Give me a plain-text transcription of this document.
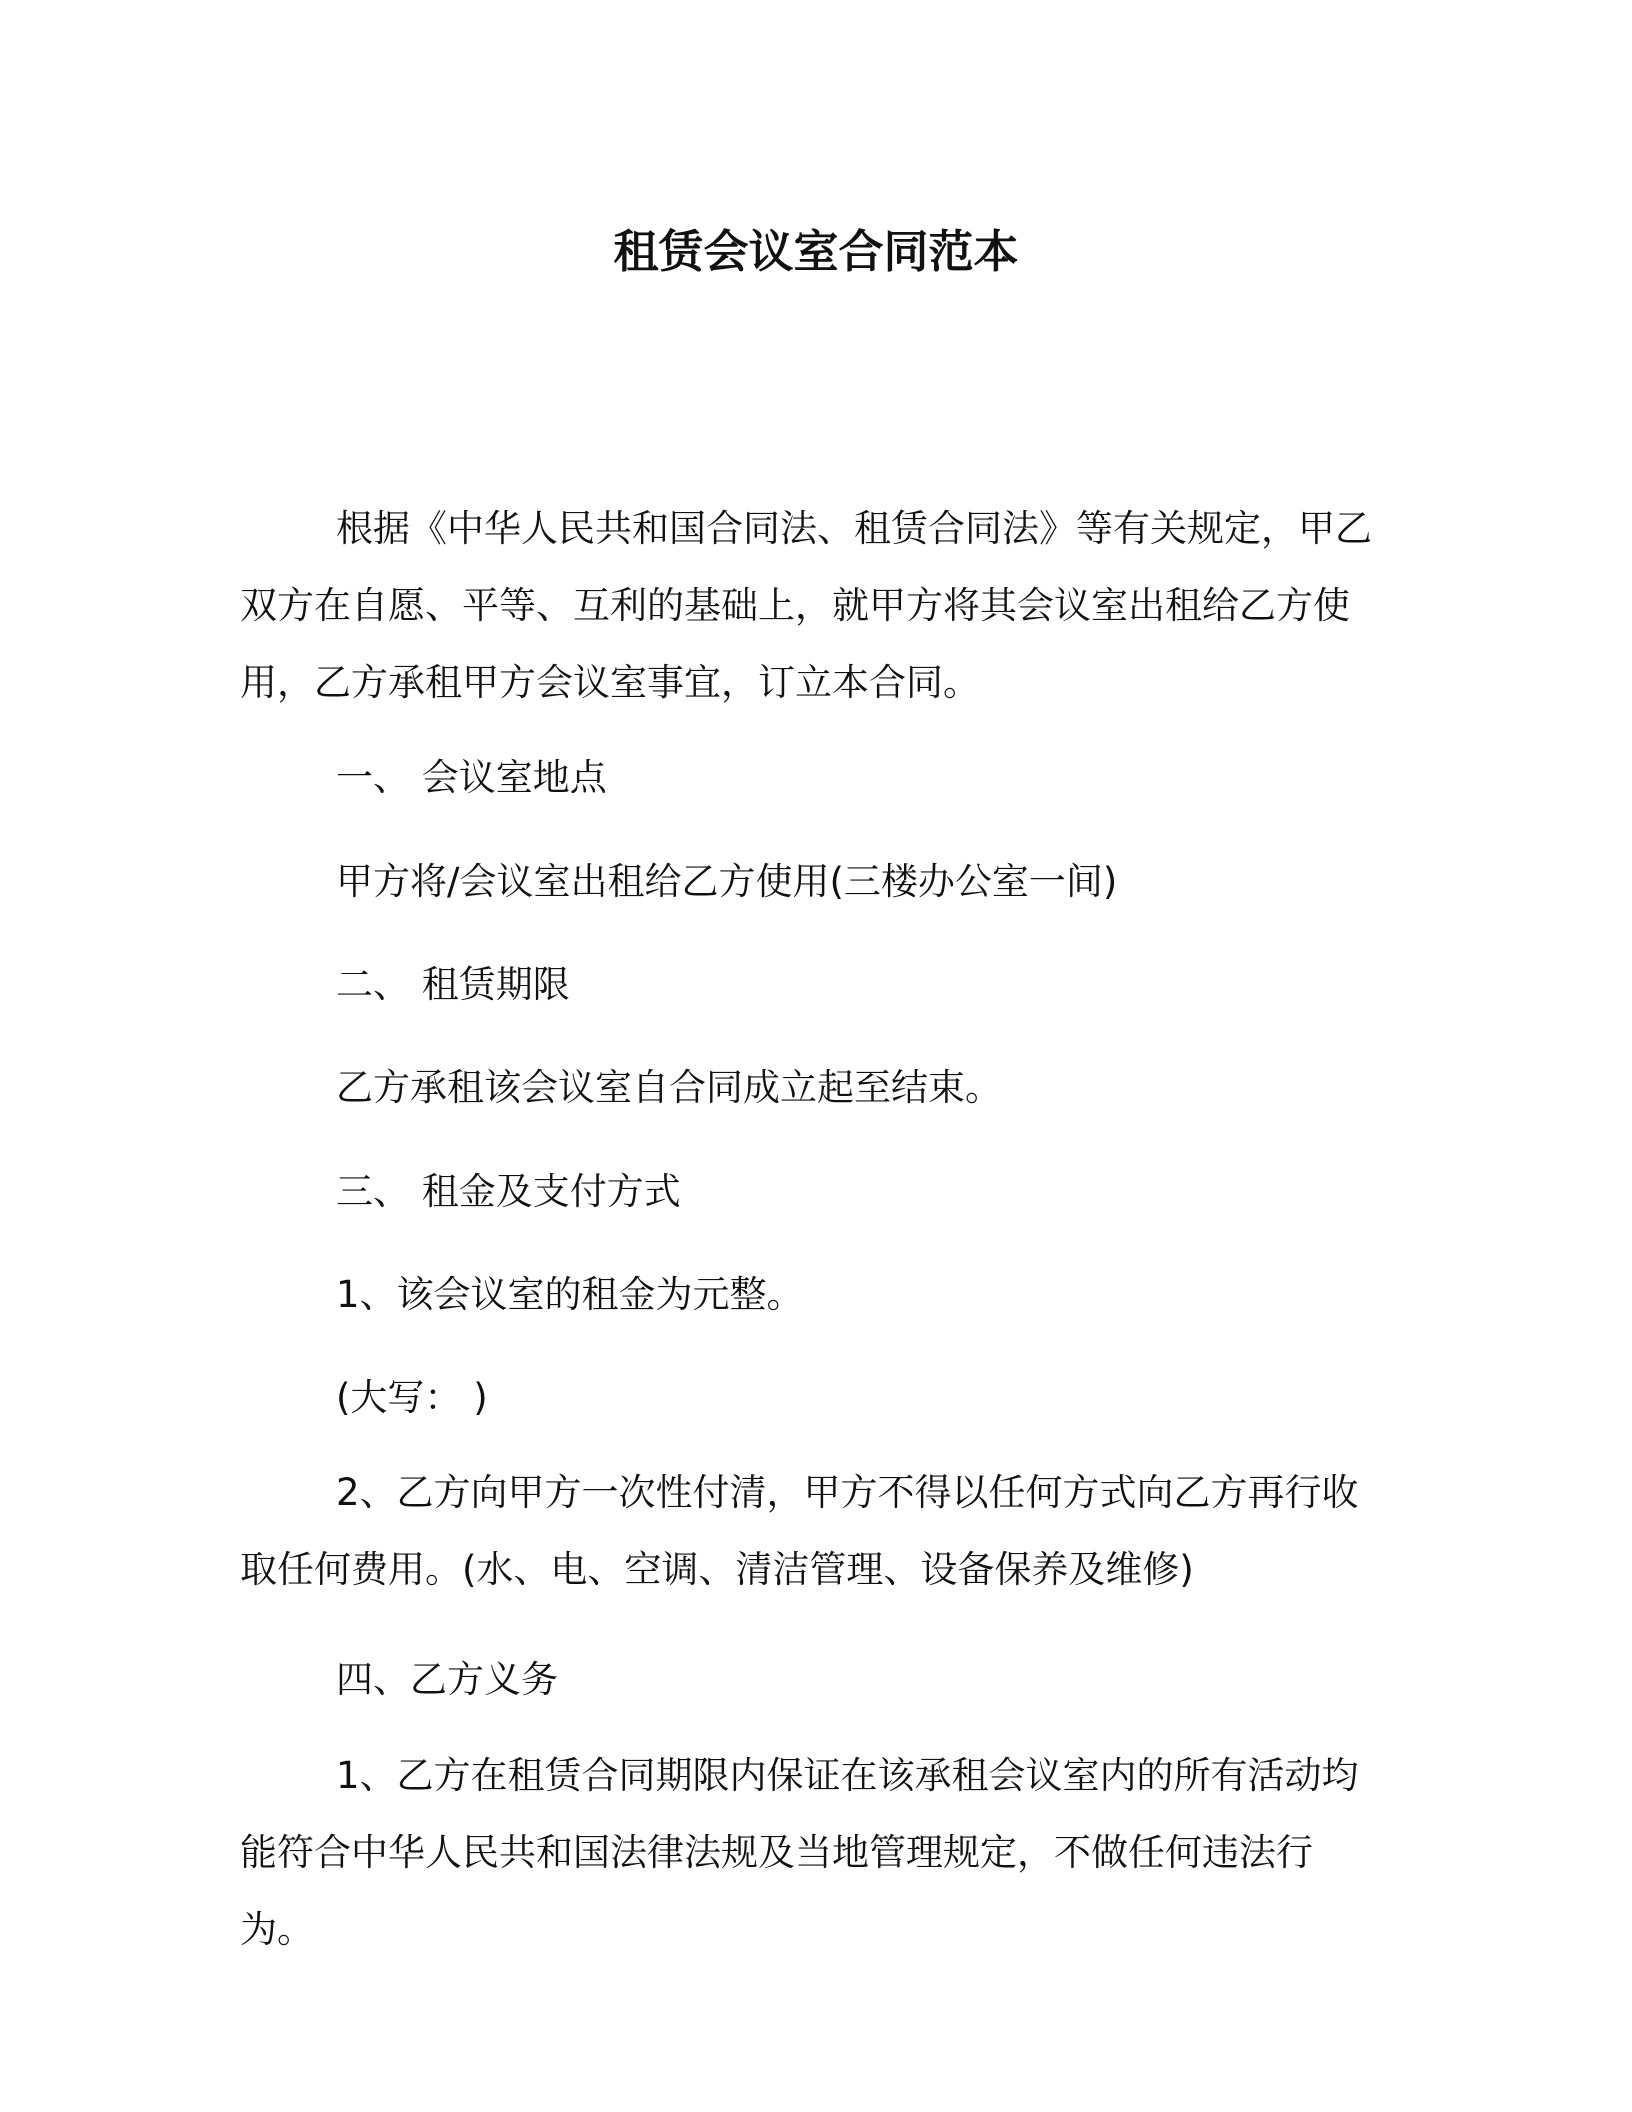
租赁会议室合同范本

根据《中华人民共和国合同法、租赁合同法》等有关规定，甲乙双方在自愿、平等、互利的基础上，就甲方将其会议室出租给乙方使用，乙方承租甲方会议室事宜，订立本合同。

一、 会议室地点
甲方将/会议室出租给乙方使用(三楼办公室一间)
二、 租赁期限
乙方承租该会议室自合同成立起至结束。
三、 租金及支付方式
1、该会议室的租金为元整。
(大写： )

2、乙方向甲方一次性付清，甲方不得以任何方式向乙方再行收取任何费用。(水、电、空调、清洁管理、设备保养及维修)

四、乙方义务

1、乙方在租赁合同期限内保证在该承租会议室内的所有活动均能符合中华人民共和国法律法规及当地管理规定，不做任何违法行为。
